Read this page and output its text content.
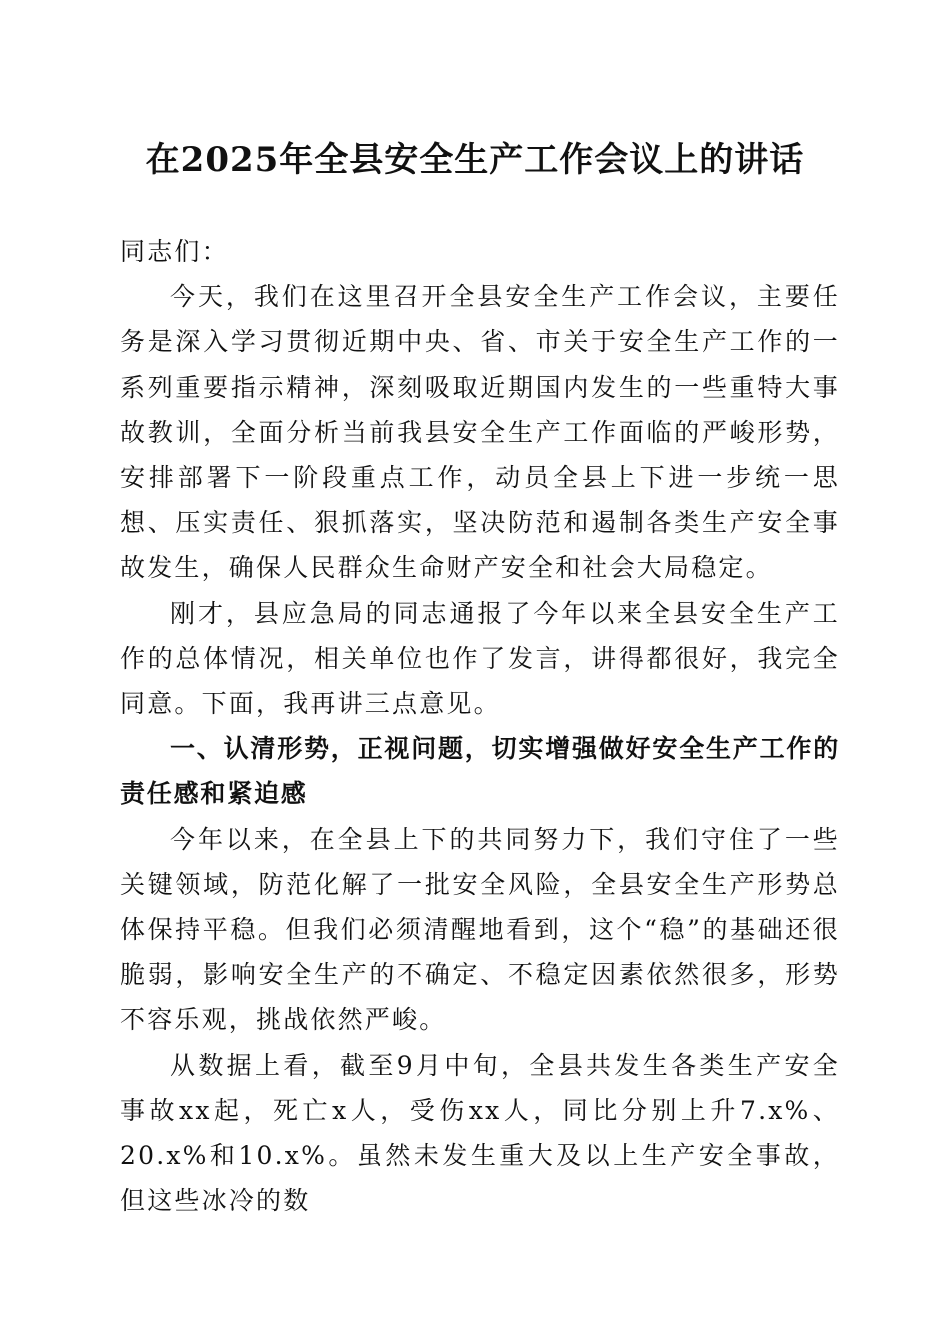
在2025年全县安全生产工作会议上的讲话

同志们：

今天，我们在这里召开全县安全生产工作会议，主要任务是深入学习贯彻近期中央、省、市关于安全生产工作的一系列重要指示精神，深刻吸取近期国内发生的一些重特大事故教训，全面分析当前我县安全生产工作面临的严峻形势，安排部署下一阶段重点工作，动员全县上下进一步统一思想、压实责任、狠抓落实，坚决防范和遏制各类生产安全事故发生，确保人民群众生命财产安全和社会大局稳定。

刚才，县应急局的同志通报了今年以来全县安全生产工作的总体情况，相关单位也作了发言，讲得都很好，我完全同意。下面，我再讲三点意见。

一、认清形势，正视问题，切实增强做好安全生产工作的责任感和紧迫感

今年以来，在全县上下的共同努力下，我们守住了一些关键领域，防范化解了一批安全风险，全县安全生产形势总体保持平稳。但我们必须清醒地看到，这个“稳”的基础还很脆弱，影响安全生产的不确定、不稳定因素依然很多，形势不容乐观，挑战依然严峻。

从数据上看，截至9月中旬，全县共发生各类生产安全事故xx起，死亡x人，受伤xx人，同比分别上升7.x%、20.x%和10.x%。虽然未发生重大及以上生产安全事故，但这些冰冷的数
